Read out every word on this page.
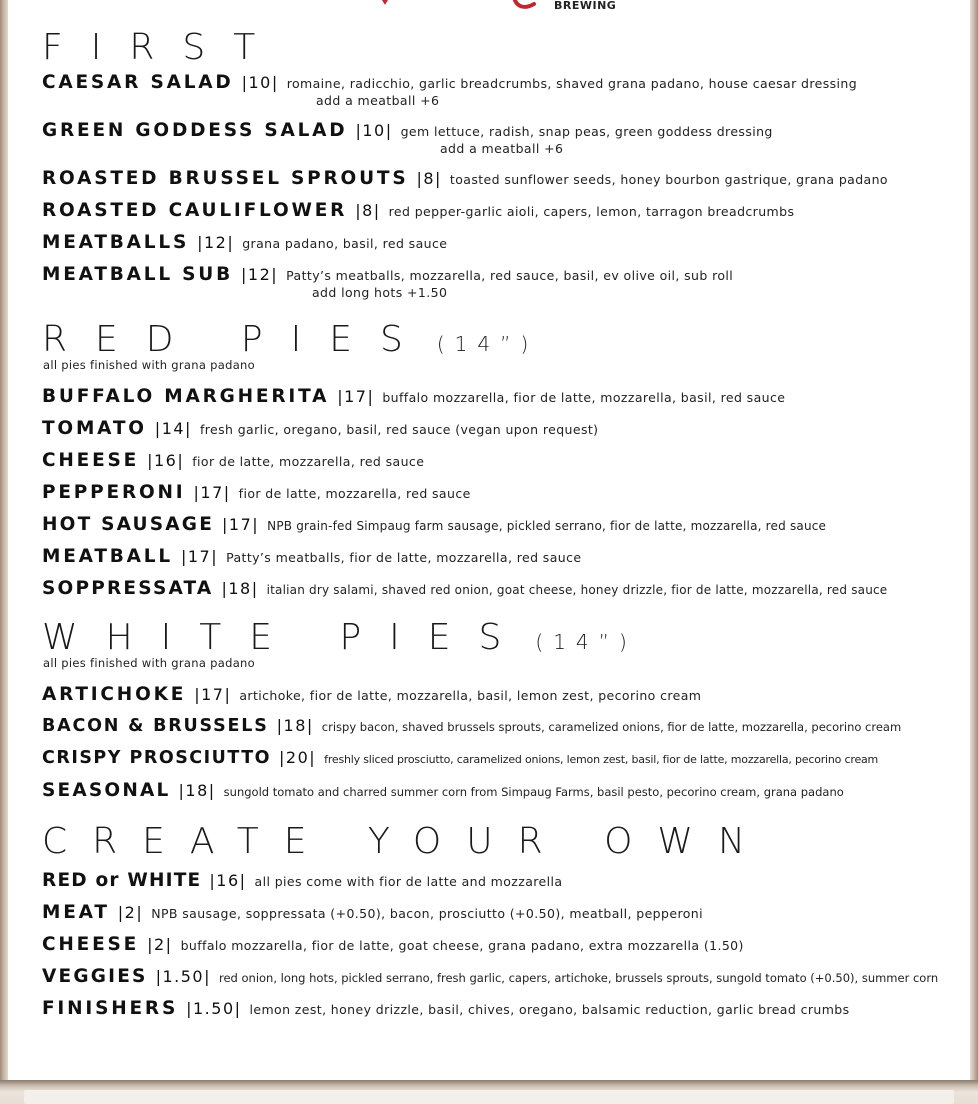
BREWING
FIRST
CAESAR SALAD |10| romaine, radicchio, garlic breadcrumbs, shaved grana padano, house caesar dressing
add a meatball +6
GREEN GODDESS SALAD |10| gem lettuce, radish, snap peas, green goddess dressing
add a meatball +6
ROASTED BRUSSEL SPROUTS |8| toasted sunflower seeds, honey bourbon gastrique, grana padano
ROASTED CAULIFLOWER |8| red pepper-garlic aioli, capers, lemon, tarragon breadcrumbs
MEATBALLS |12| grana padano, basil, red sauce
MEATBALL SUB |12| Patty’s meatballs, mozzarella, red sauce, basil, ev olive oil, sub roll
add long hots +1.50
RED PIES (14”)
all pies finished with grana padano
BUFFALO MARGHERITA |17| buffalo mozzarella, fior de latte, mozzarella, basil, red sauce
TOMATO |14| fresh garlic, oregano, basil, red sauce (vegan upon request)
CHEESE |16| fior de latte, mozzarella, red sauce
PEPPERONI |17| fior de latte, mozzarella, red sauce
HOT SAUSAGE |17| NPB grain-fed Simpaug farm sausage, pickled serrano, fior de latte, mozzarella, red sauce
MEATBALL |17| Patty’s meatballs, fior de latte, mozzarella, red sauce
SOPPRESSATA |18| italian dry salami, shaved red onion, goat cheese, honey drizzle, fior de latte, mozzarella, red sauce
WHITE PIES (14”)
all pies finished with grana padano
ARTICHOKE |17| artichoke, fior de latte, mozzarella, basil, lemon zest, pecorino cream
BACON & BRUSSELS |18| crispy bacon, shaved brussels sprouts, caramelized onions, fior de latte, mozzarella, pecorino cream
CRISPY PROSCIUTTO |20| freshly sliced prosciutto, caramelized onions, lemon zest, basil, fior de latte, mozzarella, pecorino cream
SEASONAL |18| sungold tomato and charred summer corn from Simpaug Farms, basil pesto, pecorino cream, grana padano
CREATE YOUR OWN
RED or WHITE |16| all pies come with fior de latte and mozzarella
MEAT |2| NPB sausage, soppressata (+0.50), bacon, prosciutto (+0.50), meatball, pepperoni
CHEESE |2| buffalo mozzarella, fior de latte, goat cheese, grana padano, extra mozzarella (1.50)
VEGGIES |1.50| red onion, long hots, pickled serrano, fresh garlic, capers, artichoke, brussels sprouts, sungold tomato (+0.50), summer corn
FINISHERS |1.50| lemon zest, honey drizzle, basil, chives, oregano, balsamic reduction, garlic bread crumbs
